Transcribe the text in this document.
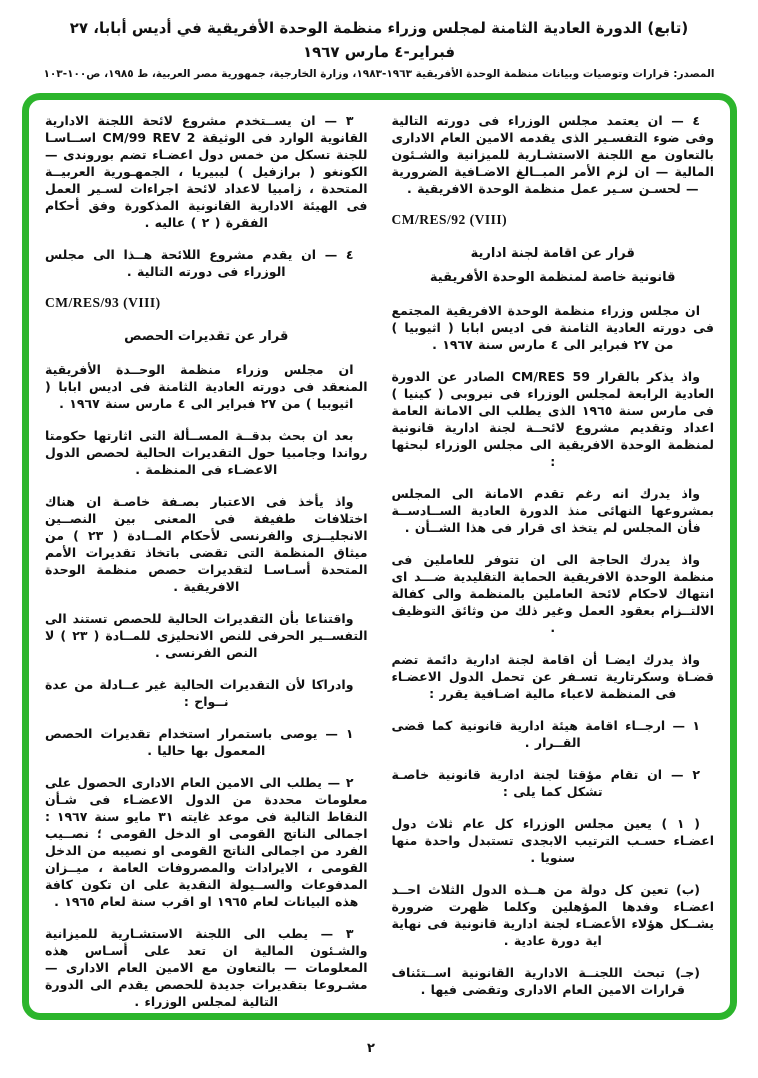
(تابع) الدورة العادية الثامنة لمجلس وزراء منظمة الوحدة الأفريقية في أديس أبابا، ٢٧ فبراير-٤ مارس ١٩٦٧
المصدر: قرارات وتوصيات وبيانات منظمة الوحدة الأفريقية ١٩٦٣-١٩٨٣، وزارة الخارجية، جمهورية مصر العربية، ط ١٩٨٥، ص١٠٠-١٠٣
٤ — ان يعتمد مجلس الوزراء فى دورته التالية وفى ضوء التفسـير الذى يقدمه الامين العام الادارى بالتعاون مع اللجنة الاستشـارية للميزانية والشـئون المالية — ان لزم الأمر المبــالغ الاضـافية الضرورية — لحسـن سـير عمل منظمة الوحدة الافريقية .
CM/RES/92 (VIII)
قرار عن اقامة لجنة ادارية
قانونية خاصة لمنظمة الوحدة الأفريقية
ان مجلس وزراء منظمة الوحدة الافريقية المجتمع فى دورته العادية الثامنة فى اديس ابابا ( اثيوبيا ) من ٢٧ فبراير الى ٤ مارس سنة ١٩٦٧ .
واذ يذكر بالقرار CM/RES 59 الصادر عن الدورة العادية الرابعة لمجلس الوزراء فى نيروبى ( كينيا ) فى مارس سنة ١٩٦٥ الذى يطلب الى الامانة العامة اعداد وتقديم مشروع لائحــة لجنة ادارية قانونية لمنظمة الوحدة الافريقية الى مجلس الوزراء لبحثها :
واذ يدرك انه رغم تقدم الامانة الى المجلس بمشروعها النهائى منذ الدورة العادية الســادســة فأن المجلس لم يتخذ اى قرار فى هذا الشــأن .
واذ يدرك الحاجة الى ان تتوفر للعاملين فى منظمة الوحدة الافريقية الحماية التقليدية ضـــد اى انتهاك لاحكام لائحة العاملين بالمنظمة والى كفالة الالتــزام بعقود العمل وغير ذلك من وثائق التوظيف .
واذ يدرك ايضـا أن اقامة لجنة ادارية دائمة تضم قضـاة وسكرتارية تسـفر عن تحمل الدول الاعضـاء فى المنظمة لاعباء مالية اضـافية يقرر :
١ — ارجــاء اقامة هيئة ادارية قانونية كما قضى القــرار .
٢ — ان تقام مؤقتا لجنة ادارية قانونية خاصـة تشكل كما يلى :
( ١ ) يعين مجلس الوزراء كل عام ثلاث دول اعضـاء حسـب الترتيب الابجدى تستبدل واحدة منها سنويا .
(ب) تعين كل دولة من هــذه الدول الثلاث احــد اعضـاء وفدها المؤهلين وكلما ظهرت ضرورة يشــكل هؤلاء الأعضـاء لجنة ادارية قانونية فى نهاية اية دورة عادية .
(جـ) تبحث اللجنــة الادارية القانونية اســتئناف قرارات الامين العام الادارى وتقضى فيها .
٣ — ان يســتخدم مشروع لائحة اللجنة الادارية القانوية الوارد فى الوثيقة CM/99 REV 2 اســاسـا للجنة تسكل من خمس دول اعضـاء تضم بوروندى — الكونغو ( برازفيل ) ليبيريا ، الجمهـورية العربيــة المتحدة ، زامبيا لاعداد لائحة اجراءات لسـير العمل فى الهيئة الادارية القانونية المذكورة وفق أحكام الفقرة ( ٢ ) عاليه .
٤ — ان يقدم مشروع اللائحة هــذا الى مجلس الوزراء فى دورته التالية .
CM/RES/93 (VIII)
قرار عن تقديرات الحصص
ان مجلس وزراء منظمة الوحــدة الأفريقية المنعقد فى دورته العادية الثامنة فى اديس ابابا ( اثيوبيا ) من ٢٧ فبراير الى ٤ مارس سنة ١٩٦٧ .
بعد ان بحث بدقــة المســألة التى اثارتها حكومتا رواندا وجامبيا حول التقديرات الحالية لحصص الدول الاعضـاء فى المنظمة .
واذ يأخذ فى الاعتبار بصـفة خاصـة ان هناك اختلافات طفيفة فى المعنى بين النصــين الانجليــزى والفرنسى لأحكام المــادة ( ٢٣ ) من ميثاق المنظمة التى تقضى باتخاذ تقديرات الأمم المتحدة أسـاسـا لتقديرات حصص منظمة الوحدة الافريقية .
واقتناعا بأن التقديرات الحالية للحصص تستند الى التفســير الحرفى للنص الانحليزى للمــادة ( ٢٣ ) لا النص الفرنسى .
وادراكا لأن التقديرات الحالية غير عــادلة من عدة نــواح :
١ — يوصى باستمرار استخدام تقديرات الحصص المعمول بها حاليا .
٢ — يطلب الى الامين العام الادارى الحصول على معلومات محددة من الدول الاعضـاء فى شـأن النقاط التالية فى موعد غايته ٣١ مايو سنة ١٩٦٧ : اجمالى الناتج القومى او الدخل القومى ؛ نصــيب الفرد من اجمالى الناتج القومى او نصيبه من الدخل القومى ، الايرادات والمصروفات العامة ، ميــزان المدفوعات والســيولة النقدية على ان تكون كافة هذه البيانات لعام ١٩٦٥ او اقرب سنة لعام ١٩٦٥ .
٣ — يطب الى اللجنة الاستشـارية للميزانية والشـئون المالية ان تعد على أسـاس هذه المعلومات — بالتعاون مع الامين العام الادارى — مشـروعا بتقديرات جديدة للحصص يقدم الى الدورة التالية لمجلس الوزراء .
٢
